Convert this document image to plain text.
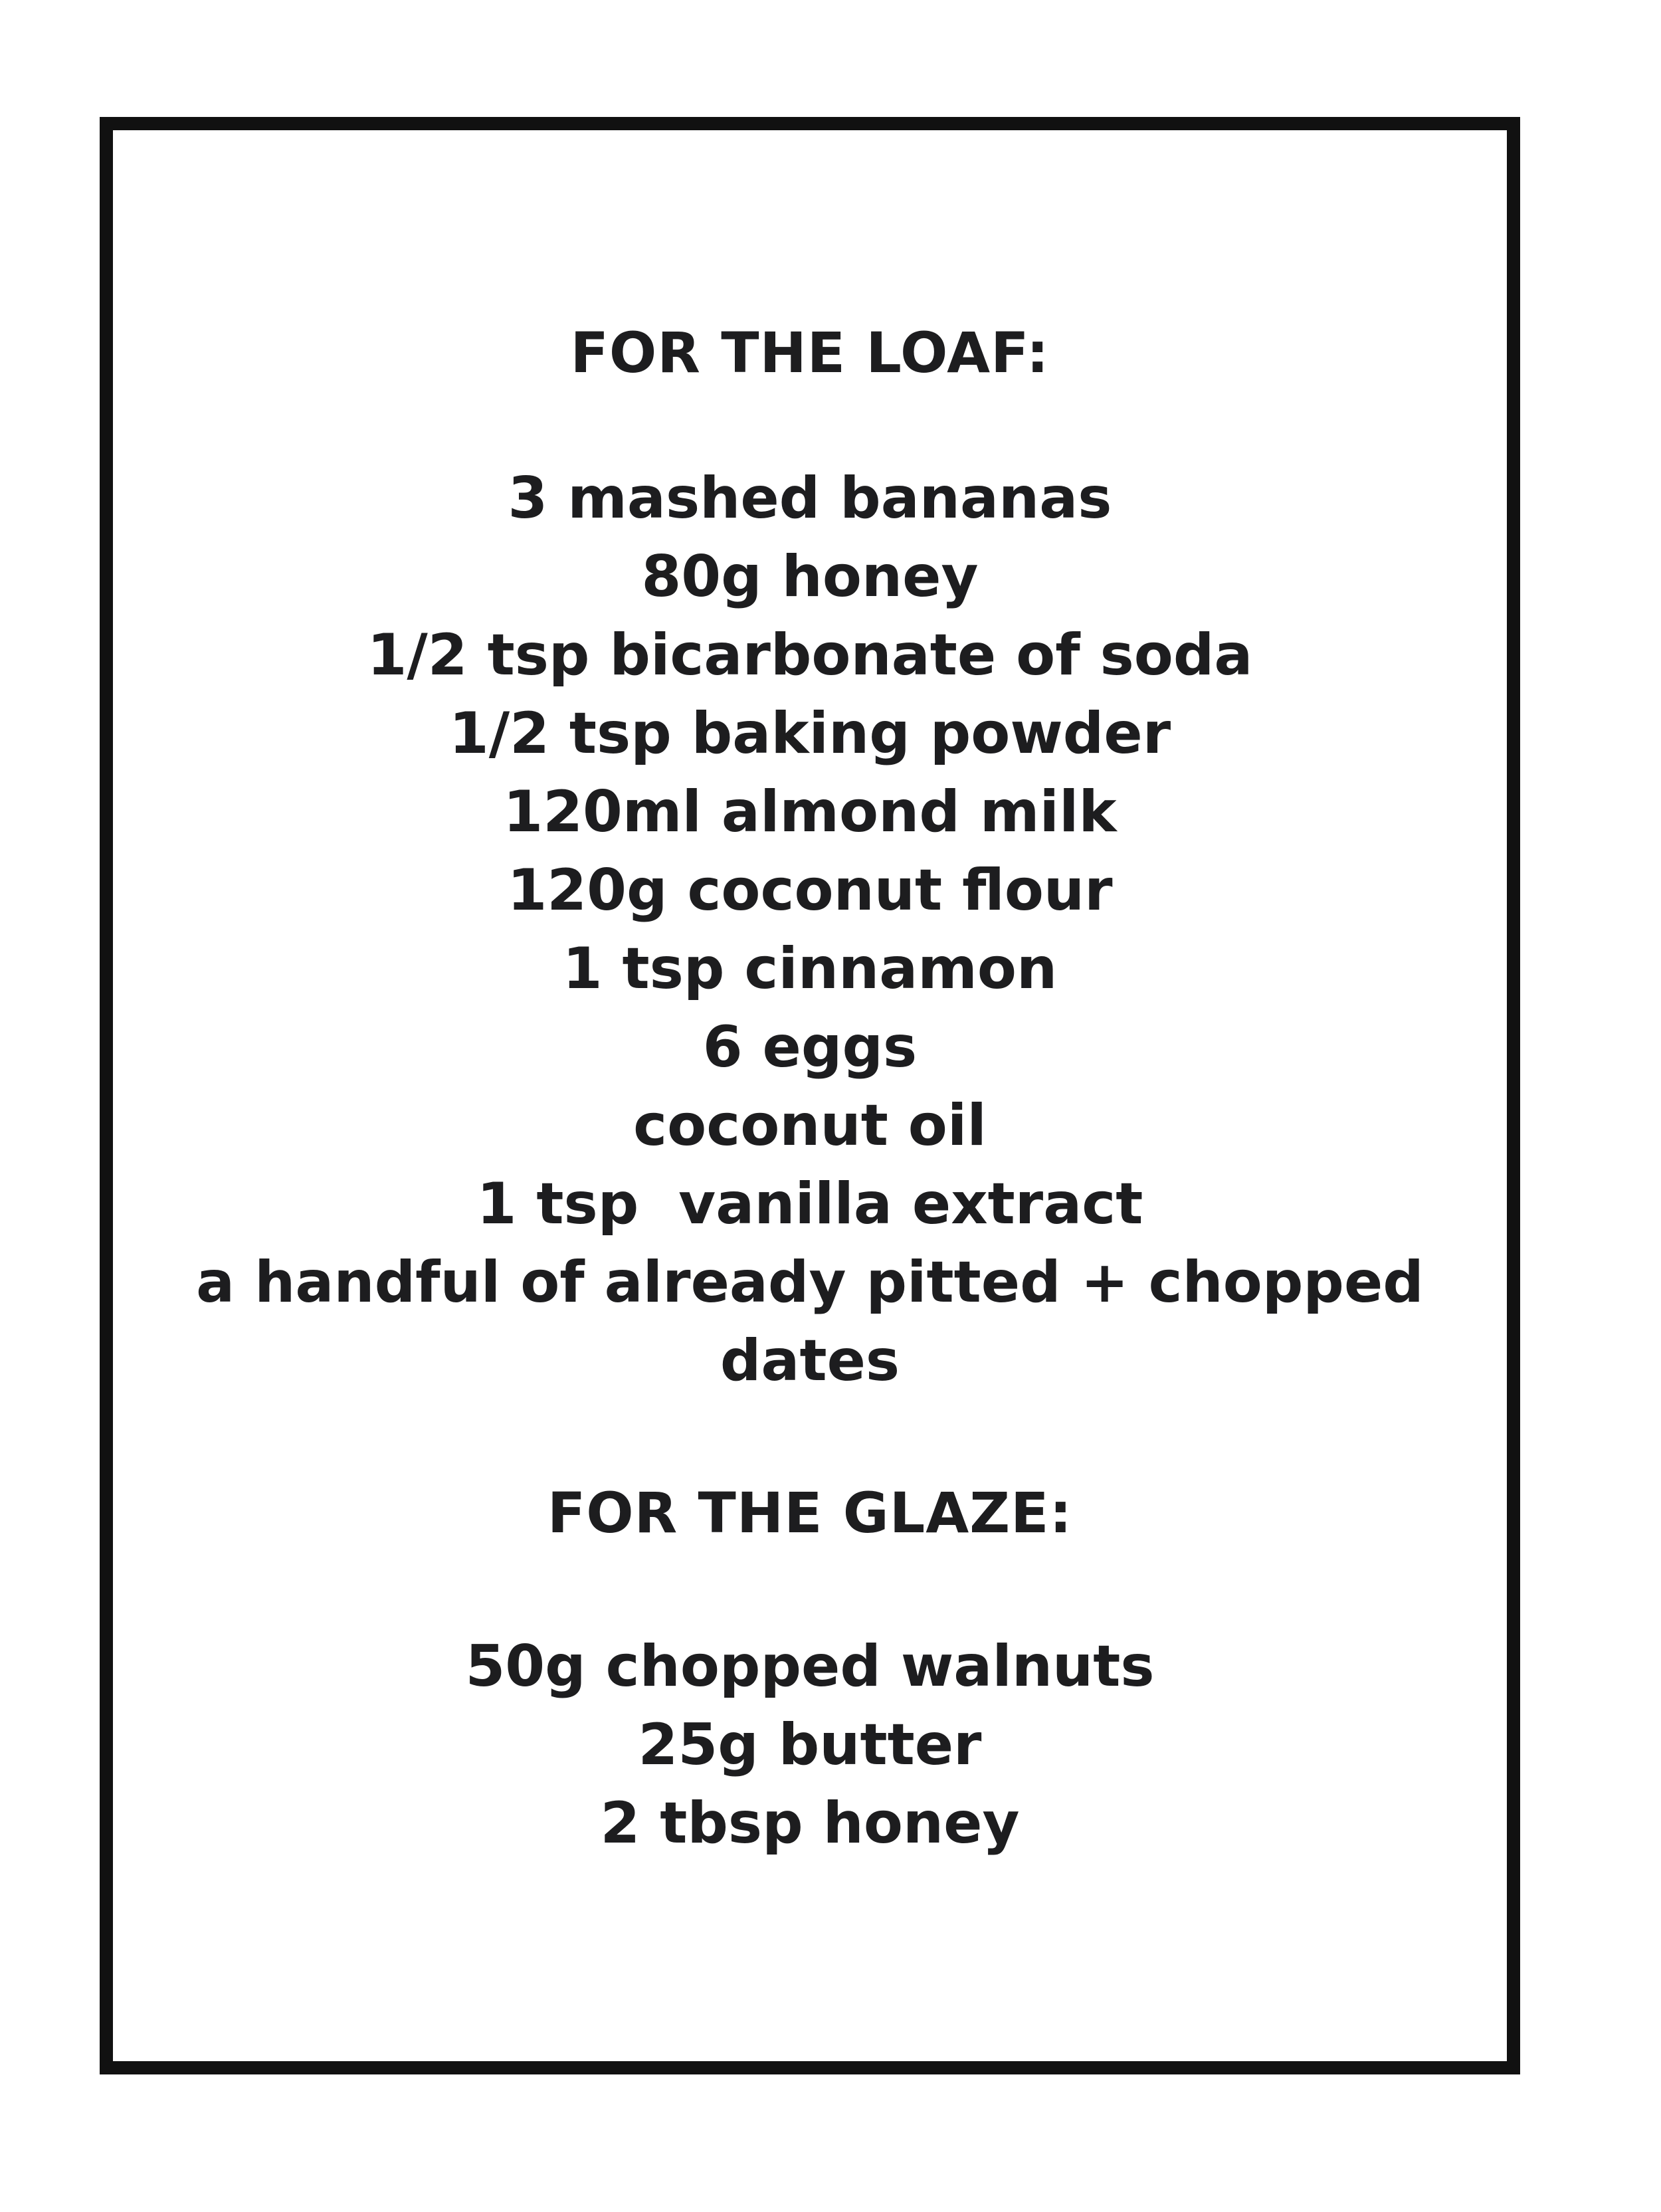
FOR THE LOAF:
3 mashed bananas
80g honey
1/2 tsp bicarbonate of soda
1/2 tsp baking powder
120ml almond milk
120g coconut flour
1 tsp cinnamon
6 eggs
coconut oil
1 tsp  vanilla extract
a handful of already pitted + chopped dates
FOR THE GLAZE:
50g chopped walnuts
25g butter
2 tbsp honey
